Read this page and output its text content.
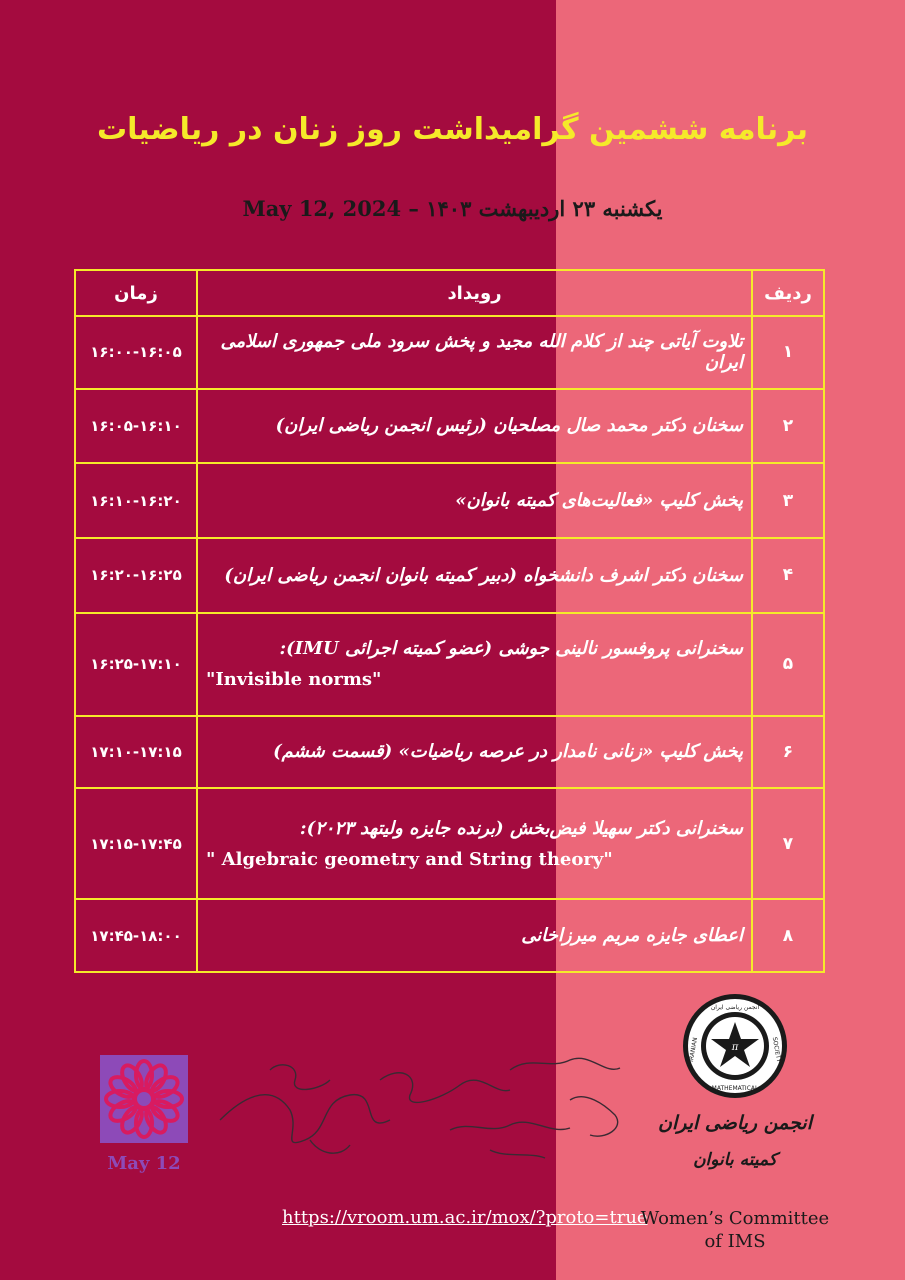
برنامه ششمین گرامیداشت روز زنان در ریاضیات
یکشنبه ۲۳ اردیبهشت ۱۴۰۳ – May 12, 2024
ردیف	رویداد	زمان
۱	تلاوت آیاتی چند از کلام الله مجید و پخش سرود ملی جمهوری اسلامی ایران	۱۶:۰۰-۱۶:۰۵
۲	سخنان دکتر محمد صال مصلحیان (رئیس انجمن ریاضی ایران)	۱۶:۰۵-۱۶:۱۰
۳	پخش کلیپ «فعالیت‌های کمیته بانوان»	۱۶:۱۰-۱۶:۲۰
۴	سخنان دکتر اشرف دانشخواه (دبیر کمیته بانوان انجمن ریاضی ایران)	۱۶:۲۰-۱۶:۲۵
۵	سخنرانی پروفسور نالینی جوشی (عضو کمیته اجرائی IMU):
"Invisible norms"	۱۶:۲۵-۱۷:۱۰
۶	پخش کلیپ «زنانی نامدار در عرصه ریاضیات» (قسمت ششم)	۱۷:۱۰-۱۷:۱۵
۷	سخنرانی دکتر سهیلا فیض‌بخش (برنده جایزه ولیتهد ۲۰۲۳):
" Algebraic geometry and String theory"	۱۷:۱۵-۱۷:۴۵
۸	اعطای جایزه مریم میرزاخانی	۱۷:۴۵-۱۸:۰۰
May 12
π
انجمن ریاضی ایران
IRANIAN	SOCIETY
MATHEMATICAL
انجمن ریاضی ایران
کمیته بانوان
https://vroom.um.ac.ir/mox/?proto=true
Women’s Committee
of IMS
